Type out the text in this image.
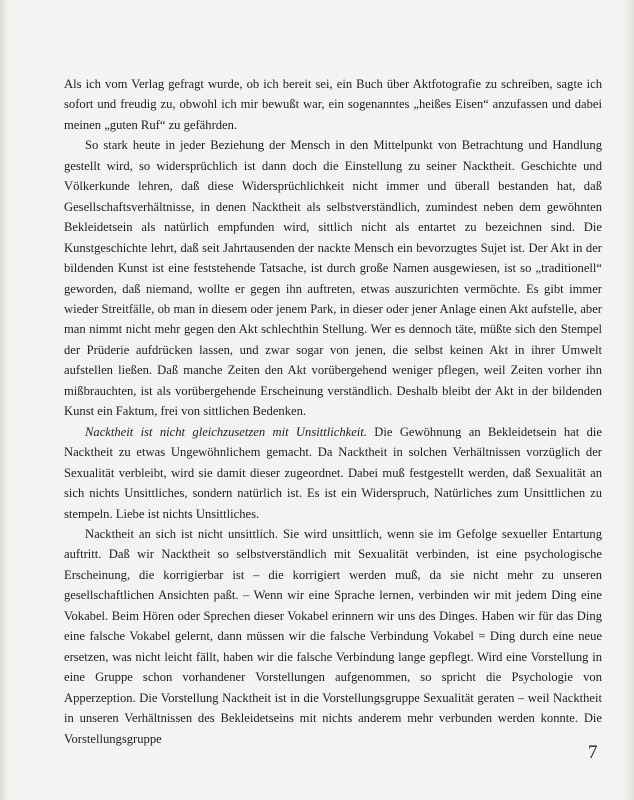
Als ich vom Verlag gefragt wurde, ob ich bereit sei, ein Buch über Aktfotografie zu schreiben, sagte ich sofort und freudig zu, obwohl ich mir bewußt war, ein sogenanntes „heißes Eisen“ anzufassen und dabei meinen „guten Ruf“ zu gefährden.

So stark heute in jeder Beziehung der Mensch in den Mittelpunkt von Betrachtung und Handlung gestellt wird, so widersprüchlich ist dann doch die Einstellung zu seiner Nacktheit. Geschichte und Völkerkunde lehren, daß diese Widersprüchlichkeit nicht immer und überall bestanden hat, daß Gesellschaftsverhältnisse, in denen Nacktheit als selbstverständlich, zumindest neben dem gewöhnten Bekleidetsein als natürlich empfunden wird, sittlich nicht als entartet zu bezeichnen sind. Die Kunstgeschichte lehrt, daß seit Jahrtausenden der nackte Mensch ein bevorzugtes Sujet ist. Der Akt in der bildenden Kunst ist eine feststehende Tatsache, ist durch große Namen ausgewiesen, ist so „traditionell“ geworden, daß niemand, wollte er gegen ihn auftreten, etwas auszurichten vermöchte. Es gibt immer wieder Streitfälle, ob man in diesem oder jenem Park, in dieser oder jener Anlage einen Akt aufstelle, aber man nimmt nicht mehr gegen den Akt schlechthin Stellung. Wer es dennoch täte, müßte sich den Stempel der Prüderie aufdrücken lassen, und zwar sogar von jenen, die selbst keinen Akt in ihrer Umwelt aufstellen ließen. Daß manche Zeiten den Akt vorübergehend weniger pflegen, weil Zeiten vorher ihn mißbrauchten, ist als vorübergehende Erscheinung verständlich. Deshalb bleibt der Akt in der bildenden Kunst ein Faktum, frei von sittlichen Bedenken.

Nacktheit ist nicht gleichzusetzen mit Unsittlichkeit. Die Gewöhnung an Bekleidetsein hat die Nacktheit zu etwas Ungewöhnlichem gemacht. Da Nacktheit in solchen Verhältnissen vorzüglich der Sexualität verbleibt, wird sie damit dieser zugeordnet. Dabei muß festgestellt werden, daß Sexualität an sich nichts Unsittliches, sondern natürlich ist. Es ist ein Widerspruch, Natürliches zum Unsittlichen zu stempeln. Liebe ist nichts Unsittliches.

Nacktheit an sich ist nicht unsittlich. Sie wird unsittlich, wenn sie im Gefolge sexueller Entartung auftritt. Daß wir Nacktheit so selbstverständlich mit Sexualität verbinden, ist eine psychologische Erscheinung, die korrigierbar ist – die korrigiert werden muß, da sie nicht mehr zu unseren gesellschaftlichen Ansichten paßt. – Wenn wir eine Sprache lernen, verbinden wir mit jedem Ding eine Vokabel. Beim Hören oder Sprechen dieser Vokabel erinnern wir uns des Dinges. Haben wir für das Ding eine falsche Vokabel gelernt, dann müssen wir die falsche Verbindung Vokabel = Ding durch eine neue ersetzen, was nicht leicht fällt, haben wir die falsche Verbindung lange gepflegt. Wird eine Vorstellung in eine Gruppe schon vorhandener Vorstellungen aufgenommen, so spricht die Psychologie von Apperzeption. Die Vorstellung Nacktheit ist in die Vorstellungsgruppe Sexualität geraten – weil Nacktheit in unseren Verhältnissen des Bekleidetseins mit nichts anderem mehr verbunden werden konnte. Die Vorstellungsgruppe

7
